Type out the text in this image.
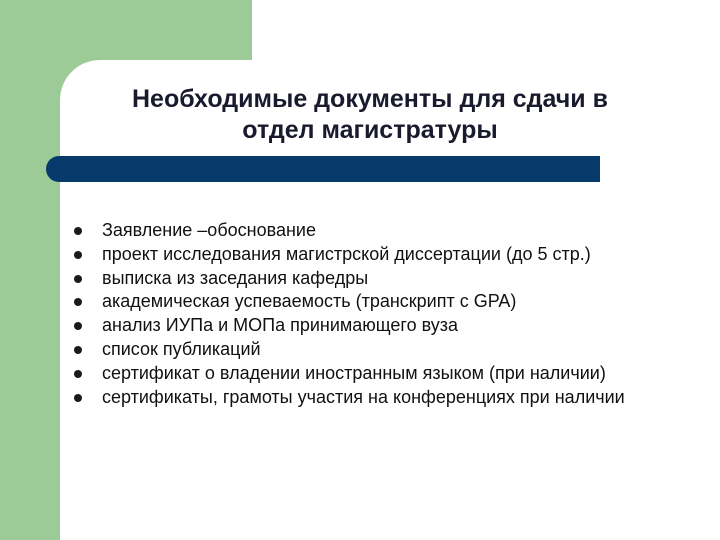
Необходимые документы для сдачи в
отдел магистратуры
Заявление –обоснование
проект исследования магистрской диссертации (до 5 стр.)
выписка из заседания кафедры
академическая успеваемость (транскрипт с GPA)
анализ ИУПа и МОПа принимающего вуза
список публикаций
сертификат о владении иностранным языком (при наличии)
сертификаты, грамоты участия на конференциях при наличии
